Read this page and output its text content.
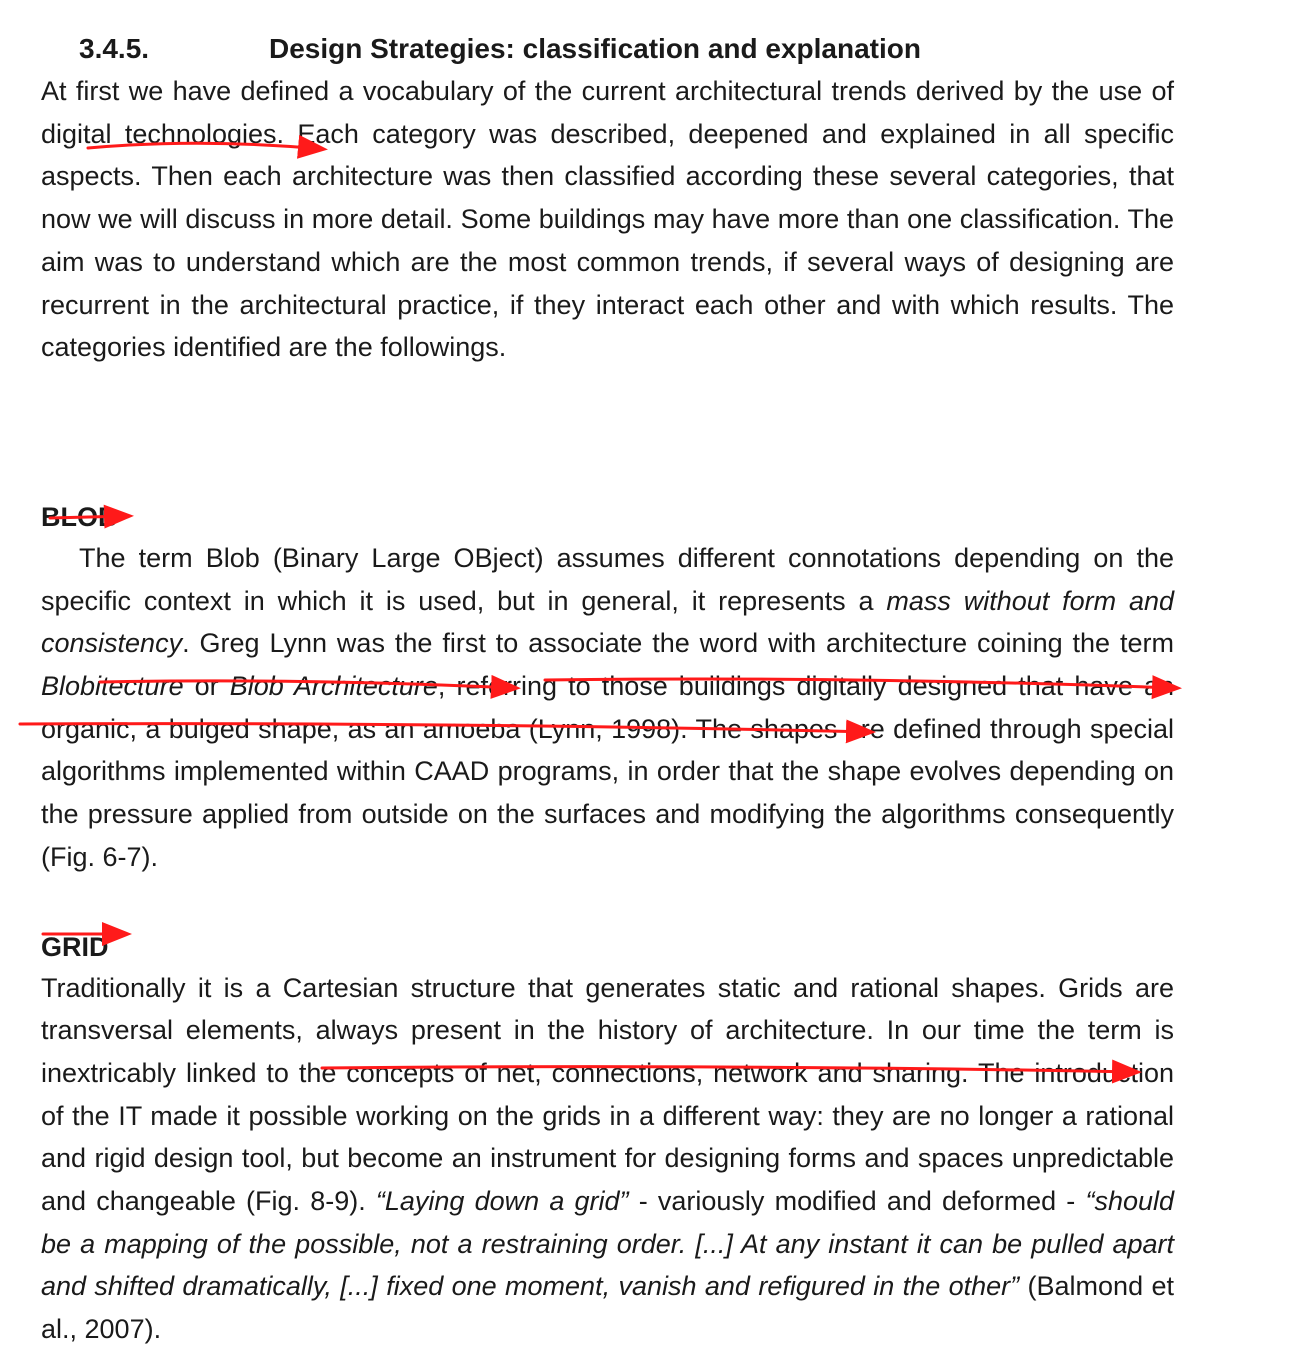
3.4.5.	Design Strategies: classification and explanation

At first we have defined a vocabulary of the current architectural trends derived by the use of digital technologies. Each category was described, deepened and explained in all specific aspects. Then each architecture was then classified according these several categories, that now we will discuss in more detail. Some buildings may have more than one classification. The aim was to understand which are the most common trends, if several ways of designing are recurrent in the architectural practice, if they interact each other and with which results. The categories identified are the followings.

BLOB

The term Blob (Binary Large OBject) assumes different connotations depending on the specific context in which it is used, but in general, it represents a mass without form and consistency. Greg Lynn was the first to associate the word with architecture coining the term Blobitecture or Blob Architecture, referring to those buildings digitally designed that have an organic, a bulged shape, as an amoeba (Lynn, 1998). The shapes are defined through special algorithms implemented within CAAD programs, in order that the shape evolves depending on the pressure applied from outside on the surfaces and modifying the algorithms consequently (Fig. 6-7).

GRID

Traditionally it is a Cartesian structure that generates static and rational shapes. Grids are transversal elements, always present in the history of architecture. In our time the term is inextricably linked to the concepts of net, connections, network and sharing. The introduction of the IT made it possible working on the grids in a different way: they are no longer a rational and rigid design tool, but become an instrument for designing forms and spaces unpredictable and changeable (Fig. 8-9). “Laying down a grid” - variously modified and deformed - “should be a mapping of the possible, not a restraining order. [...] At any instant it can be pulled apart and shifted dramatically, [...] fixed one moment, vanish and refigured in the other” (Balmond et al., 2007).
